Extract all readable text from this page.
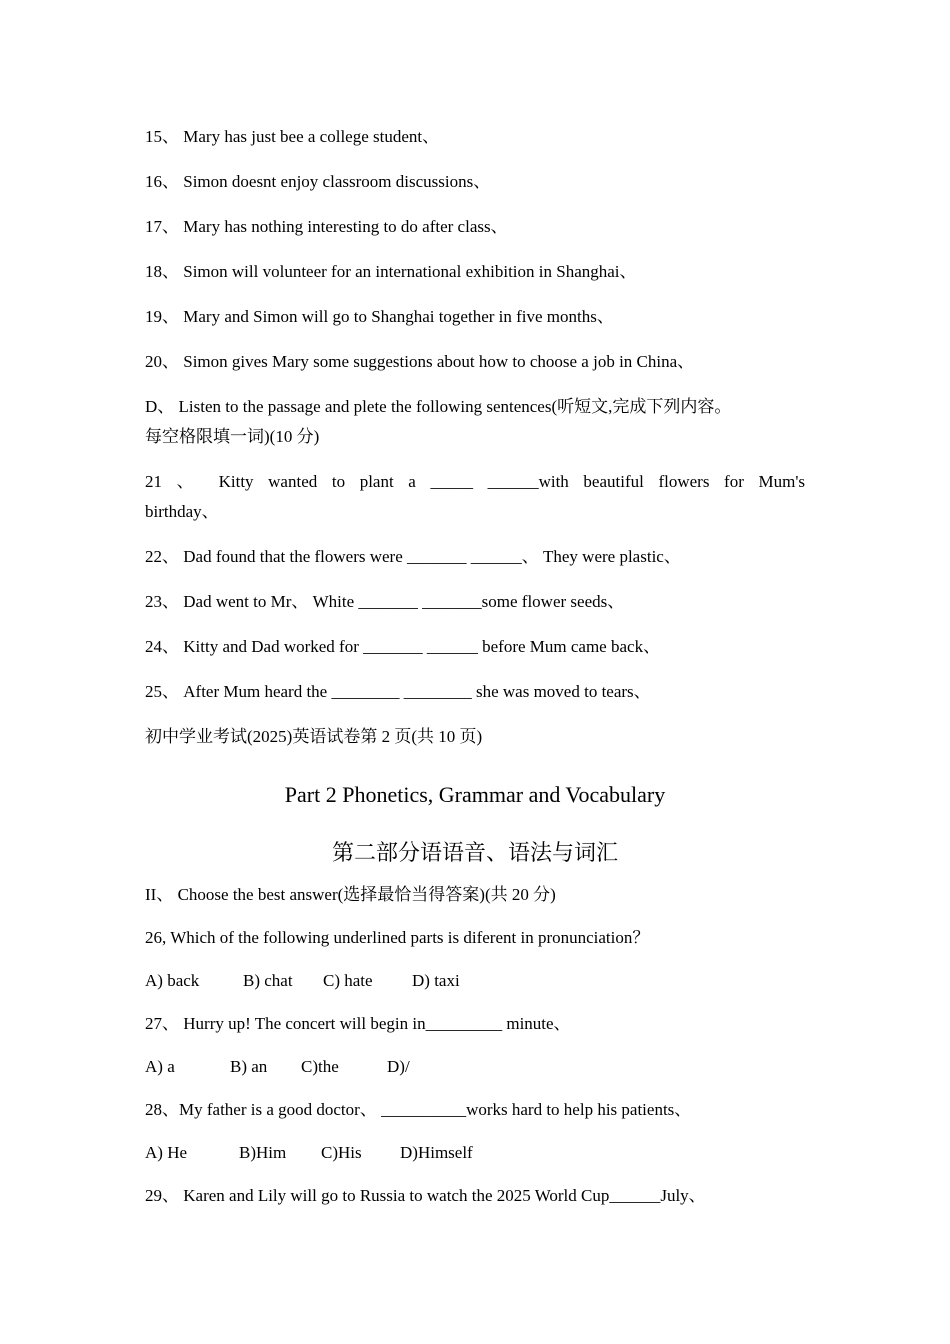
15、 Mary has just bee a college student、
16、 Simon doesnt enjoy classroom discussions、
17、 Mary has nothing interesting to do after class、
18、 Simon will volunteer for an international exhibition in Shanghai、
19、 Mary and Simon will go to Shanghai together in five months、
20、 Simon gives Mary some suggestions about how to choose a job in China、
D、 Listen to the passage and plete the following sentences(听短文,完成下列内容。
每空格限填一词)(10 分)
21 、 Kitty wanted to plant a _____ ______with beautiful flowers for Mum's
birthday、
22、 Dad found that the flowers were _______ ______、 They were plastic、
23、 Dad went to Mr、 White _______ _______some flower seeds、
24、 Kitty and Dad worked for _______ ______ before Mum came back、
25、 After Mum heard the ________ ________ she was moved to tears、
初中学业考试(2025)英语试卷第 2 页(共 10 页)
Part 2 Phonetics, Grammar and Vocabulary
第二部分语语音、语法与词汇
II、 Choose the best answer(选择最恰当得答案)(共 20 分)
26, Which of the following underlined parts is diferent in pronunciation？
A) back	B) chat C) hate D) taxi
27、 Hurry up! The concert will begin in_________ minute、
A) a	B) an C)the	D)/
28、My father is a good doctor、 __________works hard to help his patients、
A) He	B)Him C)His D)Himself
29、 Karen and Lily will go to Russia to watch the 2025 World Cup______July、
